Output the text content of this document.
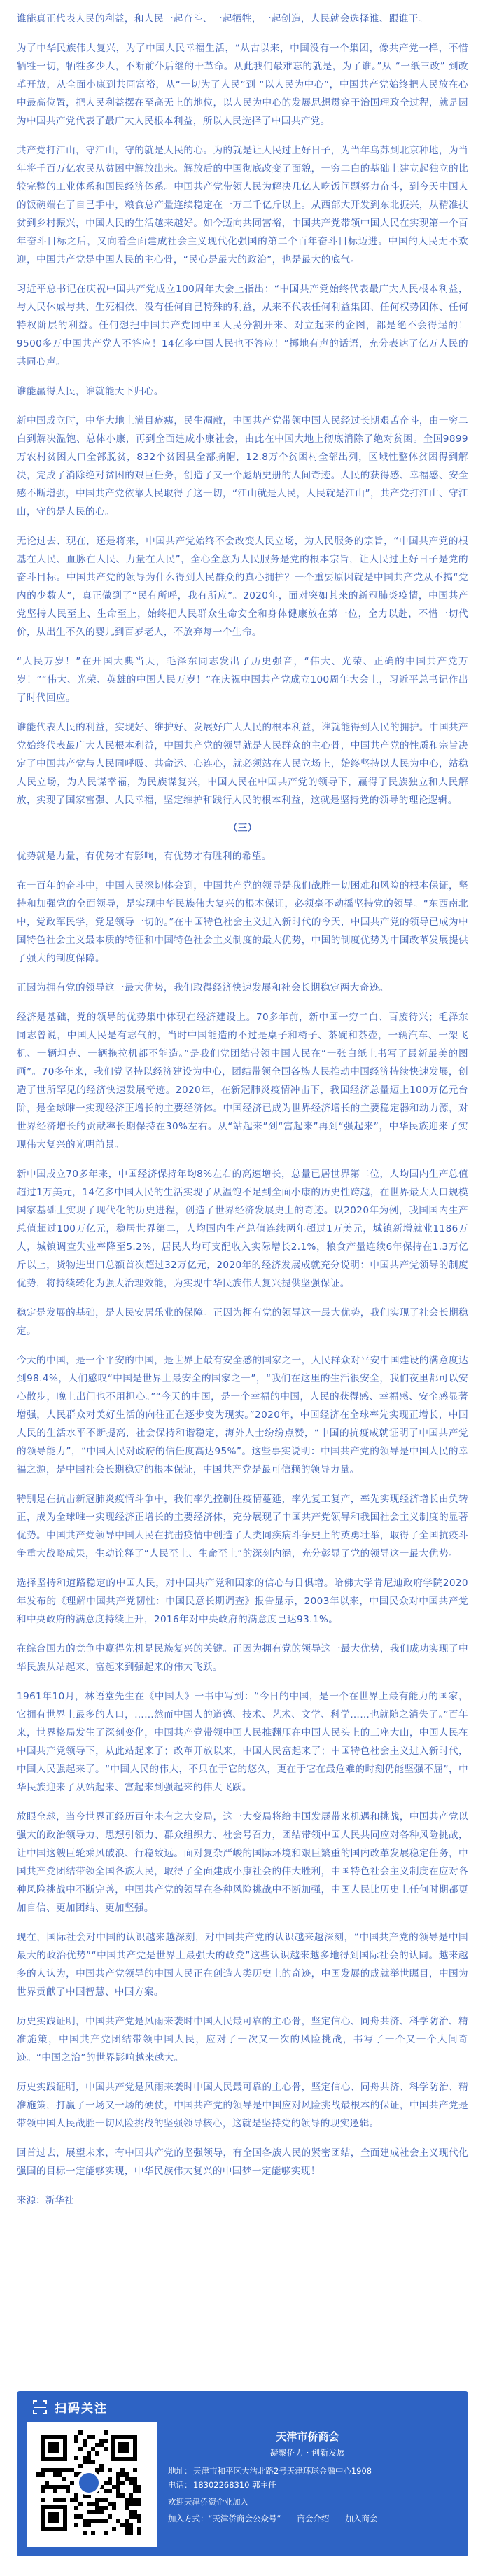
谁能真正代表人民的利益，和人民一起奋斗、一起牺牲，一起创造，人民就会选择谁、跟谁干。

为了中华民族伟大复兴，为了中国人民幸福生活，“从古以来，中国没有一个集团，像共产党一样，不惜牺牲一切，牺牲多少人，不断前仆后继的干革命。从此我们最难忘的就是，为了谁。”从 “一纸三改” 到改革开放，从全面小康到共同富裕，从“一切为了人民”到 “以人民为中心”，中国共产党始终把人民放在心中最高位置，把人民利益摆在至高无上的地位，以人民为中心的发展思想贯穿于治国理政全过程，就是因为中国共产党代表了最广大人民根本利益，所以人民选择了中国共产党。

共产党打江山，守江山，守的就是人民的心。为的就是让人民过上好日子，为当年乌苏到北京种地，为当年将千百万亿农民从贫困中解放出来。解放后的中国彻底改变了面貌，一穷二白的基础上建立起独立的比较完整的工业体系和国民经济体系。中国共产党带领人民为解决几亿人吃饭问题努力奋斗，到今天中国人的饭碗端在了自己手中，粮食总产量连续稳定在一万三千亿斤以上。从西部大开发到东北振兴，从精准扶贫到乡村振兴，中国人民的生活越来越好。如今迈向共同富裕，中国共产党带领中国人民在实现第一个百年奋斗目标之后，又向着全面建成社会主义现代化强国的第二个百年奋斗目标迈进。中国的人民无不欢迎，中国共产党是中国人民的主心骨，“民心是最大的政治”，也是最大的底气。

习近平总书记在庆祝中国共产党成立100周年大会上指出：“中国共产党始终代表最广大人民根本利益，与人民休戚与共、生死相依，没有任何自己特殊的利益，从来不代表任何利益集团、任何权势团体、任何特权阶层的利益。任何想把中国共产党同中国人民分割开来、对立起来的企图，都是绝不会得逞的！9500多万中国共产党人不答应！14亿多中国人民也不答应！”掷地有声的话语，充分表达了亿万人民的共同心声。

谁能赢得人民，谁就能天下归心。

新中国成立时，中华大地上满目疮痍，民生凋敝，中国共产党带领中国人民经过长期艰苦奋斗，由一穷二白到解决温饱、总体小康，再到全面建成小康社会，由此在中国大地上彻底消除了绝对贫困。全国9899万农村贫困人口全部脱贫，832个贫困县全部摘帽，12.8万个贫困村全部出列，区域性整体贫困得到解决，完成了消除绝对贫困的艰巨任务，创造了又一个彪炳史册的人间奇迹。人民的获得感、幸福感、安全感不断增强，中国共产党依靠人民取得了这一切，“江山就是人民，人民就是江山”，共产党打江山、守江山，守的是人民的心。

无论过去、现在，还是将来，中国共产党始终不会改变人民立场，为人民服务的宗旨，“中国共产党的根基在人民、血脉在人民、力量在人民”，全心全意为人民服务是党的根本宗旨，让人民过上好日子是党的奋斗目标。中国共产党的领导为什么得到人民群众的真心拥护？一个重要原因就是中国共产党从不搞“党内的少数人”，真正做到了“民有所呼，我有所应”。2020年，面对突如其来的新冠肺炎疫情，中国共产党坚持人民至上、生命至上，始终把人民群众生命安全和身体健康放在第一位，全力以赴，不惜一切代价，从出生不久的婴儿到百岁老人，不放弃每一个生命。

“人民万岁！”在开国大典当天，毛泽东同志发出了历史强音，“伟大、光荣、正确的中国共产党万岁！”“伟大、光荣、英雄的中国人民万岁！”在庆祝中国共产党成立100周年大会上，习近平总书记作出了时代回应。

谁能代表人民的利益，实现好、维护好、发展好广大人民的根本利益，谁就能得到人民的拥护。中国共产党始终代表最广大人民根本利益，中国共产党的领导就是人民群众的主心骨，中国共产党的性质和宗旨决定了中国共产党与人民同呼吸、共命运、心连心，就必须站在人民立场上，始终坚持以人民为中心，站稳人民立场，为人民谋幸福，为民族谋复兴，中国人民在中国共产党的领导下，赢得了民族独立和人民解放，实现了国家富强、人民幸福，坚定维护和践行人民的根本利益，这就是坚持党的领导的理论逻辑。

（三）

优势就是力量，有优势才有影响，有优势才有胜利的希望。

在一百年的奋斗中，中国人民深切体会到，中国共产党的领导是我们战胜一切困难和风险的根本保证，坚持和加强党的全面领导，是实现中华民族伟大复兴的根本保证，必须毫不动摇坚持党的领导。“东西南北中，党政军民学，党是领导一切的。”在中国特色社会主义进入新时代的今天，中国共产党的领导已成为中国特色社会主义最本质的特征和中国特色社会主义制度的最大优势，中国的制度优势为中国改革发展提供了强大的制度保障。

正因为拥有党的领导这一最大优势，我们取得经济快速发展和社会长期稳定两大奇迹。

经济是基础，党的领导的优势集中体现在经济建设上。70多年前，新中国一穷二白、百废待兴；毛泽东同志曾说，中国人民是有志气的，当时中国能造的不过是桌子和椅子、茶碗和茶壶，一辆汽车、一架飞机、一辆坦克、一辆拖拉机都不能造。”是我们党团结带领中国人民在“一张白纸上书写了最新最美的图画”。70多年来，我们党坚持以经济建设为中心，团结带领全国各族人民推动中国经济持续快速发展，创造了世所罕见的经济快速发展奇迹。2020年，在新冠肺炎疫情冲击下，我国经济总量迈上100万亿元台阶，是全球唯一实现经济正增长的主要经济体。中国经济已成为世界经济增长的主要稳定器和动力源，对世界经济增长的贡献率长期保持在30%左右。从“站起来”到“富起来”再到“强起来”，中华民族迎来了实现伟大复兴的光明前景。

新中国成立70多年来，中国经济保持年均8%左右的高速增长，总量已居世界第二位，人均国内生产总值超过1万美元，14亿多中国人民的生活实现了从温饱不足到全面小康的历史性跨越，在世界最大人口规模国家基础上实现了现代化的历史进程，创造了世界经济发展史上的奇迹。以2020年为例，我国国内生产总值超过100万亿元，稳居世界第二，人均国内生产总值连续两年超过1万美元，城镇新增就业1186万人，城镇调查失业率降至5.2%，居民人均可支配收入实际增长2.1%，粮食产量连续6年保持在1.3万亿斤以上，货物进出口总额首次超过32万亿元，2020年的经济发展成就充分说明：中国共产党领导的制度优势，将持续转化为强大治理效能，为实现中华民族伟大复兴提供坚强保证。

稳定是发展的基础，是人民安居乐业的保障。正因为拥有党的领导这一最大优势，我们实现了社会长期稳定。

今天的中国，是一个平安的中国，是世界上最有安全感的国家之一，人民群众对平安中国建设的满意度达到98.4%，人们感叹“中国是世界上最安全的国家之一”，“我们在这里的生活很安全，我们夜里都可以安心散步，晚上出门也不用担心。”“今天的中国，是一个幸福的中国，人民的获得感、幸福感、安全感显著增强，人民群众对美好生活的向往正在逐步变为现实。”2020年，中国经济在全球率先实现正增长，中国人民的生活水平不断提高，社会保持和谐稳定，海外人士纷纷点赞，“中国的抗疫成就证明了中国共产党的领导能力”，“中国人民对政府的信任度高达95%”。这些事实说明：中国共产党的领导是中国人民的幸福之源，是中国社会长期稳定的根本保证，中国共产党是最可信赖的领导力量。

特别是在抗击新冠肺炎疫情斗争中，我们率先控制住疫情蔓延，率先复工复产，率先实现经济增长由负转正，成为全球唯一实现经济正增长的主要经济体，充分展现了中国共产党领导和我国社会主义制度的显著优势。中国共产党领导中国人民在抗击疫情中创造了人类同疾病斗争史上的英勇壮举，取得了全国抗疫斗争重大战略成果，生动诠释了“人民至上、生命至上”的深刻内涵，充分彰显了党的领导这一最大优势。

选择坚持和道路稳定的中国人民，对中国共产党和国家的信心与日俱增。哈佛大学肯尼迪政府学院2020年发布的《理解中国共产党韧性：中国民意长期调查》报告显示，2003年以来，中国民众对中国共产党和中央政府的满意度持续上升，2016年对中央政府的满意度已达93.1%。

在综合国力的竞争中赢得先机是民族复兴的关键。正因为拥有党的领导这一最大优势，我们成功实现了中华民族从站起来、富起来到强起来的伟大飞跃。

1961年10月，林语堂先生在《中国人》一书中写到：“今日的中国，是一个在世界上最有能力的国家，它拥有世界上最多的人口，……然而中国人的道德、技术、艺术、文学、科学……也就随之消失了。”百年来，世界格局发生了深刻变化，中国共产党带领中国人民推翻压在中国人民头上的三座大山，中国人民在中国共产党领导下，从此站起来了；改革开放以来，中国人民富起来了；中国特色社会主义进入新时代，中国人民强起来了。“中国人民的伟大，不只在于它的悠久，更在于它在最危难的时刻仍能坚强不屈”，中华民族迎来了从站起来、富起来到强起来的伟大飞跃。

放眼全球，当今世界正经历百年未有之大变局，这一大变局将给中国发展带来机遇和挑战，中国共产党以强大的政治领导力、思想引领力、群众组织力、社会号召力，团结带领中国人民共同应对各种风险挑战，让中国这艘巨轮乘风破浪、行稳致远。面对复杂严峻的国际环境和艰巨繁重的国内改革发展稳定任务，中国共产党团结带领全国各族人民，取得了全面建成小康社会的伟大胜利，中国特色社会主义制度在应对各种风险挑战中不断完善，中国共产党的领导在各种风险挑战中不断加强，中国人民比历史上任何时期都更加自信、更加团结、更加坚强。

现在，国际社会对中国的认识越来越深刻，对中国共产党的认识越来越深刻，“中国共产党的领导是中国最大的政治优势”“中国共产党是世界上最强大的政党”这些认识越来越多地得到国际社会的认同。越来越多的人认为，中国共产党领导的中国人民正在创造人类历史上的奇迹，中国发展的成就举世瞩目，中国为世界贡献了中国智慧、中国方案。

历史实践证明，中国共产党是风雨来袭时中国人民最可靠的主心骨，坚定信心、同舟共济、科学防治、精准施策，中国共产党团结带领中国人民，应对了一次又一次的风险挑战，书写了一个又一个人间奇迹。“中国之治”的世界影响越来越大。

历史实践证明，中国共产党是风雨来袭时中国人民最可靠的主心骨，坚定信心、同舟共济、科学防治、精准施策，打赢了一场又一场的硬仗，中国共产党的领导是中国应对风险挑战最根本的保证，中国共产党是带领中国人民战胜一切风险挑战的坚强领导核心，这就是坚持党的领导的现实逻辑。

回首过去，展望未来，有中国共产党的坚强领导，有全国各族人民的紧密团结，全面建成社会主义现代化强国的目标一定能够实现，中华民族伟大复兴的中国梦一定能够实现！

来源：新华社

扫码关注
天津市侨商会
凝聚侨力 · 创新发展
地址： 天津市和平区大沽北路2号天津环球金融中心1908
电话： 18302268310 郭主任
欢迎天津侨资企业加入
加入方式：“天津侨商会公众号”——商会介绍——加入商会
